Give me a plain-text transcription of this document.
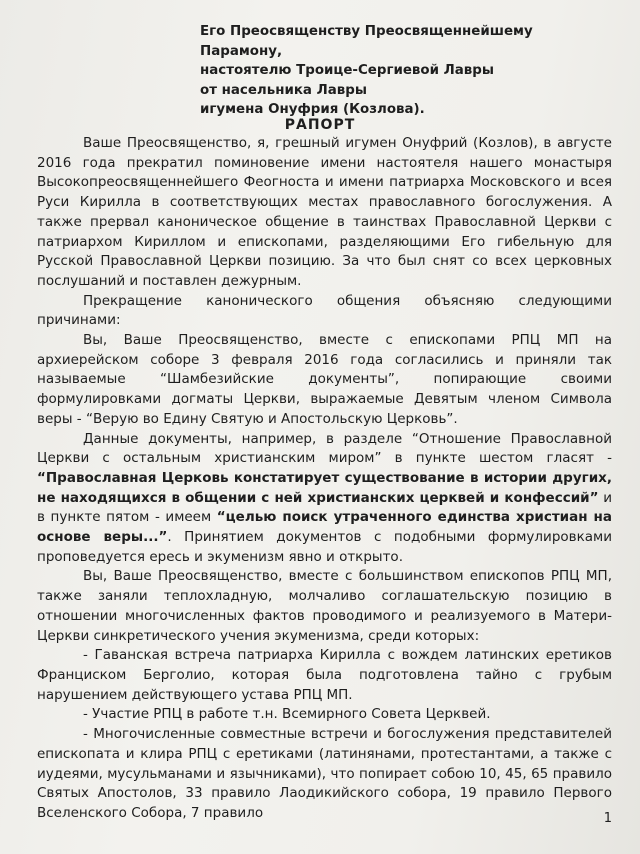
Его Преосвященству Преосвященнейшему
Парамону,
настоятелю Троице-Сергиевой Лавры
от насельника Лавры
игумена Онуфрия (Козлова).
РАПОРТ

Ваше Преосвященство, я, грешный игумен Онуфрий (Козлов), в августе 2016 года прекратил поминовение имени настоятеля нашего монастыря Высокопреосвященнейшего Феогноста и имени патриарха Московского и всея Руси Кирилла в соответствующих местах православного богослужения. А также прервал каноническое общение в таинствах Православной Церкви с патриархом Кириллом и епископами, разделяющими Его гибельную для Русской Православной Церкви позицию. За что был снят со всех церковных послушаний и поставлен дежурным.

Прекращение канонического общения объясняю следующими причинами:

Вы, Ваше Преосвященство, вместе с епископами РПЦ МП на архиерейском соборе 3 февраля 2016 года согласились и приняли так называемые “Шамбезийские документы”, попирающие своими формулировками догматы Церкви, выражаемые Девятым членом Символа веры - “Верую во Едину Святую и Апостольскую Церковь”.

Данные документы, например, в разделе “Отношение Православной Церкви с остальным христианским миром” в пункте шестом гласят - “Православная Церковь констатирует существование в истории других, не находящихся в общении с ней христианских церквей и конфессий” и в пункте пятом - имеем “целью поиск утраченного единства христиан на основе веры...”. Принятием документов с подобными формулировками проповедуется ересь и экуменизм явно и открыто.

Вы, Ваше Преосвященство, вместе с большинством епископов РПЦ МП, также заняли теплохладную, молчаливо соглашательскую позицию в отношении многочисленных фактов проводимого и реализуемого в Матери-Церкви синкретического учения экуменизма, среди которых:

- Гаванская встреча патриарха Кирилла с вождем латинских еретиков Франциском Берголио, которая была подготовлена тайно с грубым нарушением действующего устава РПЦ МП.

- Участие РПЦ в работе т.н. Всемирного Совета Церквей.

- Многочисленные совместные встречи и богослужения представителей епископата и клира РПЦ с еретиками (латинянами, протестантами, а также с иудеями, мусульманами и язычниками), что попирает собою 10, 45, 65 правило Святых Апостолов, 33 правило Лаодикийского собора, 19 правило Первого Вселенского Собора, 7 правило	1
